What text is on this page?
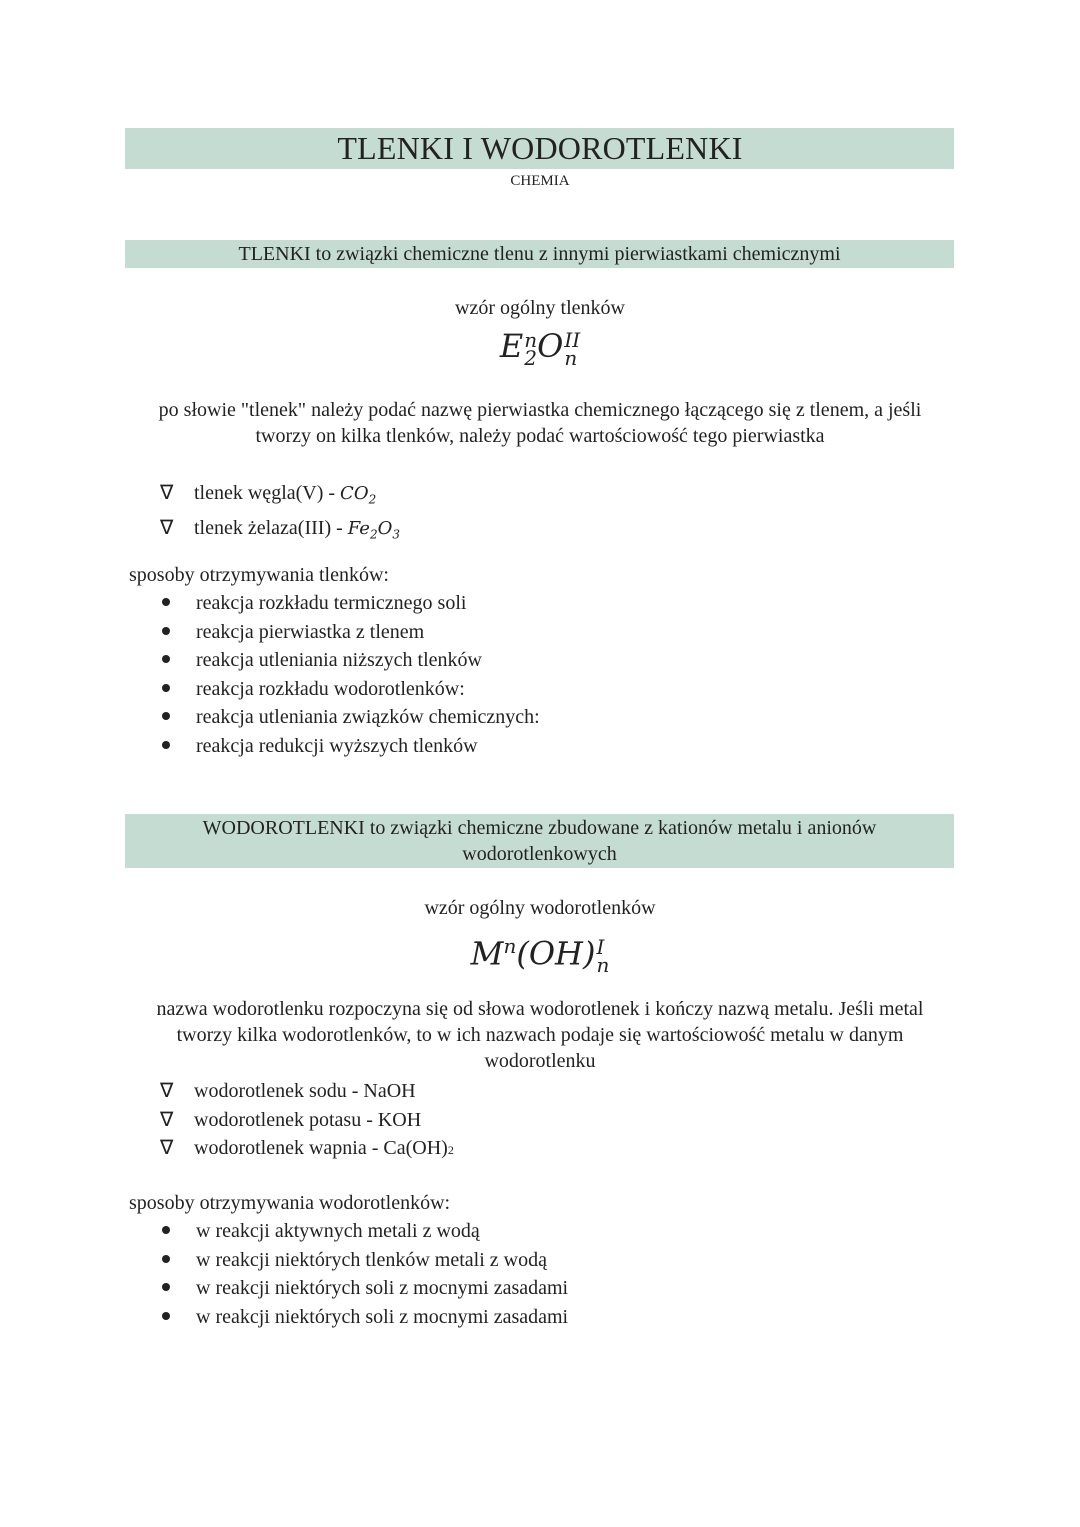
TLENKI I WODOROTLENKI
CHEMIA
TLENKI to związki chemiczne tlenu z innymi pierwiastkami chemicznymi
wzór ogólny tlenków
E n
2 O II
n
po słowie "tlenek" należy podać nazwę pierwiastka chemicznego łączącego się z tlenem, a jeśli tworzy on kilka tlenków, należy podać wartościowość tego pierwiastka
∇	tlenek węgla(V) -
$CO_2$
∇	tlenek żelaza(III) -
$Fe_2O_3$
sposoby otrzymywania tlenków:
reakcja rozkładu termicznego soli
reakcja pierwiastka z tlenem
reakcja utleniania niższych tlenków
reakcja rozkładu wodorotlenków:
reakcja utleniania związków chemicznych:
reakcja redukcji wyższych tlenków
WODOROTLENKI to związki chemiczne zbudowane z kationów metalu i anionów wodorotlenkowych
wzór ogólny wodorotlenków
$M^n(OH)$ I
n
nazwa wodorotlenku rozpoczyna się od słowa wodorotlenek i kończy nazwą metalu. Jeśli metal tworzy kilka wodorotlenków, to w ich nazwach podaje się wartościowość metalu w danym wodorotlenku
∇	wodorotlenek sodu - NaOH
∇	wodorotlenek potasu - KOH
∇	wodorotlenek wapnia - Ca(OH) 2
sposoby otrzymywania wodorotlenków:
w reakcji aktywnych metali z wodą
w reakcji niektórych tlenków metali z wodą
w reakcji niektórych soli z mocnymi zasadami
w reakcji niektórych soli z mocnymi zasadami
